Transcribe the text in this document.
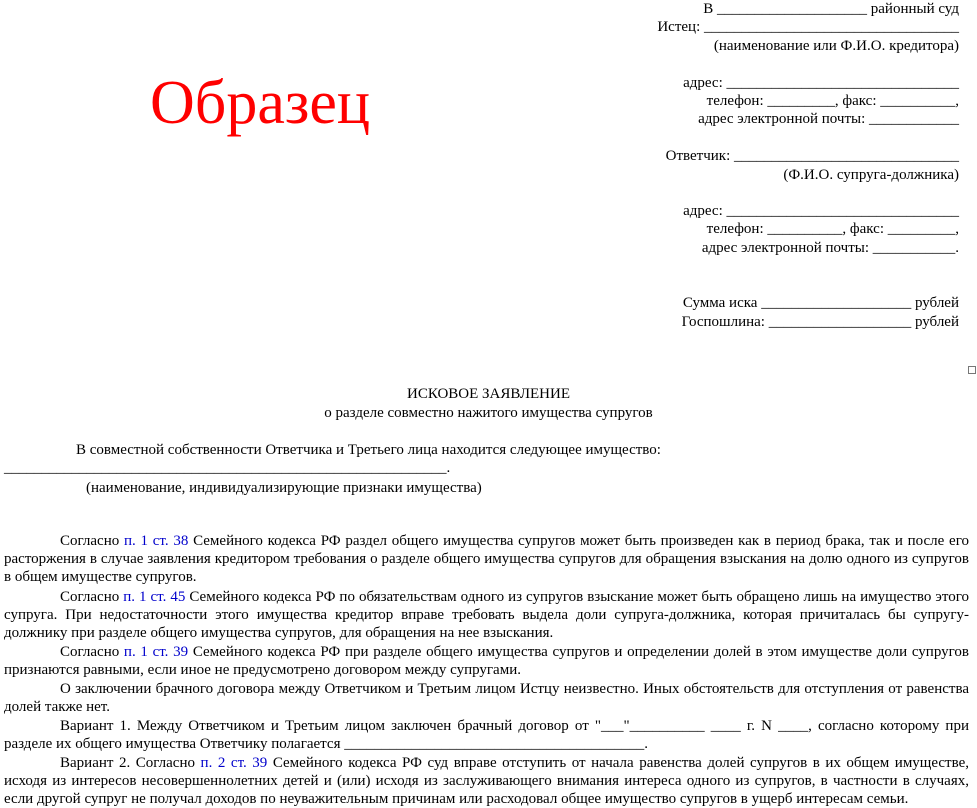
Образец
В ____________________ районный суд
Истец: __________________________________
(наименование или Ф.И.О. кредитора)
адрес: _______________________________
телефон: _________, факс: __________,
адрес электронной почты: ____________
Ответчик: ______________________________
(Ф.И.О. супруга-должника)
адрес: _______________________________
телефон: __________, факс: _________,
адрес электронной почты: ___________.
Сумма иска ____________________ рублей
Госпошлина: ___________________ рублей
ИСКОВОЕ ЗАЯВЛЕНИЕ
о разделе совместно нажитого имущества супругов
В совместной собственности Ответчика и Третьего лица находится следующее имущество:
___________________________________________________________.
(наименование, индивидуализирующие признаки имущества)
Согласно п. 1 ст. 38 Семейного кодекса РФ раздел общего имущества супругов может быть произведен как в период брака, так и после его расторжения в случае заявления кредитором требования о разделе общего имущества супругов для обращения взыскания на долю одного из супругов в общем имуществе супругов.
Согласно п. 1 ст. 45 Семейного кодекса РФ по обязательствам одного из супругов взыскание может быть обращено лишь на имущество этого супруга. При недостаточности этого имущества кредитор вправе требовать выдела доли супруга-должника, которая причиталась бы супругу-должнику при разделе общего имущества супругов, для обращения на нее взыскания.
Согласно п. 1 ст. 39 Семейного кодекса РФ при разделе общего имущества супругов и определении долей в этом имуществе доли супругов признаются равными, если иное не предусмотрено договором между супругами.
О заключении брачного договора между Ответчиком и Третьим лицом Истцу неизвестно. Иных обстоятельств для отступления от равенства долей также нет.
Вариант 1. Между Ответчиком и Третьим лицом заключен брачный договор от "___"__________ ____ г. N ____, согласно которому при разделе их общего имущества Ответчику полагается ________________________________________.
Вариант 2. Согласно п. 2 ст. 39 Семейного кодекса РФ суд вправе отступить от начала равенства долей супругов в их общем имуществе, исходя из интересов несовершеннолетних детей и (или) исходя из заслуживающего внимания интереса одного из супругов, в частности в случаях, если другой супруг не получал доходов по неуважительным причинам или расходовал общее имущество супругов в ущерб интересам семьи.
